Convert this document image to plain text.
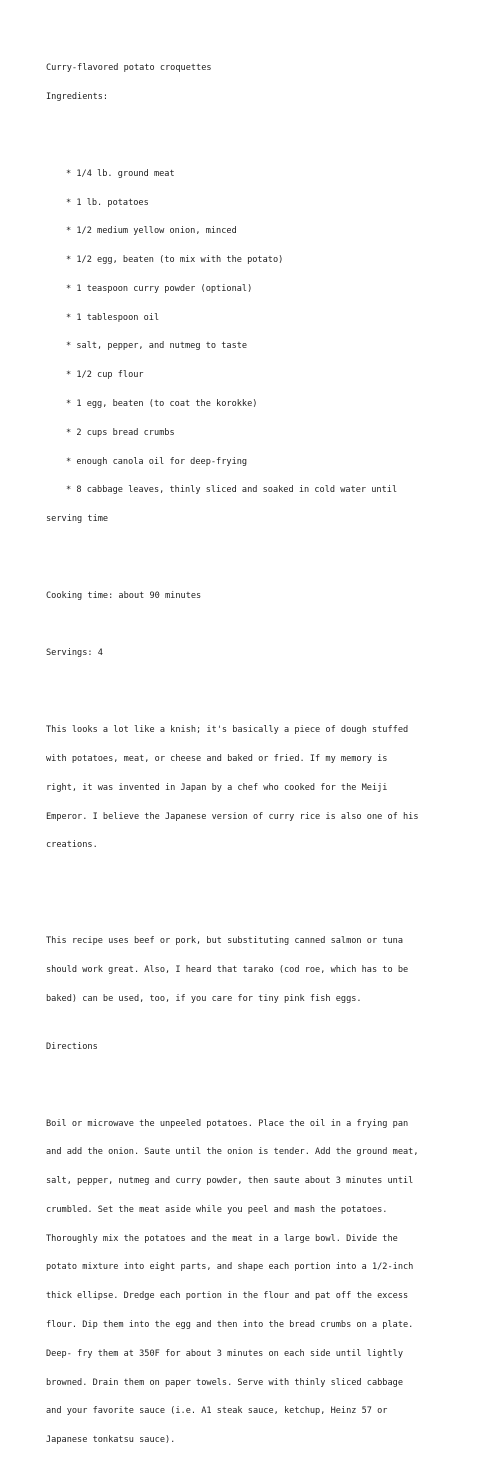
Curry-flavored potato croquettes

Ingredients:

* 1/4 lb. ground meat

* 1 lb. potatoes

* 1/2 medium yellow onion, minced

* 1/2 egg, beaten (to mix with the potato)

* 1 teaspoon curry powder (optional)

* 1 tablespoon oil

* salt, pepper, and nutmeg to taste

* 1/2 cup flour

* 1 egg, beaten (to coat the korokke)

* 2 cups bread crumbs

* enough canola oil for deep-frying

* 8 cabbage leaves, thinly sliced and soaked in cold water until

serving time

Cooking time: about 90 minutes

Servings: 4

This looks a lot like a knish; it's basically a piece of dough stuffed

with potatoes, meat, or cheese and baked or fried. If my memory is

right, it was invented in Japan by a chef who cooked for the Meiji

Emperor. I believe the Japanese version of curry rice is also one of his

creations.

This recipe uses beef or pork, but substituting canned salmon or tuna

should work great. Also, I heard that tarako (cod roe, which has to be

baked) can be used, too, if you care for tiny pink fish eggs.

Directions

Boil or microwave the unpeeled potatoes. Place the oil in a frying pan

and add the onion. Saute until the onion is tender. Add the ground meat,

salt, pepper, nutmeg and curry powder, then saute about 3 minutes until

crumbled. Set the meat aside while you peel and mash the potatoes.

Thoroughly mix the potatoes and the meat in a large bowl. Divide the

potato mixture into eight parts, and shape each portion into a 1/2-inch

thick ellipse. Dredge each portion in the flour and pat off the excess

flour. Dip them into the egg and then into the bread crumbs on a plate.

Deep- fry them at 350F for about 3 minutes on each side until lightly

browned. Drain them on paper towels. Serve with thinly sliced cabbage

and your favorite sauce (i.e. A1 steak sauce, ketchup, Heinz 57 or

Japanese tonkatsu sauce).
